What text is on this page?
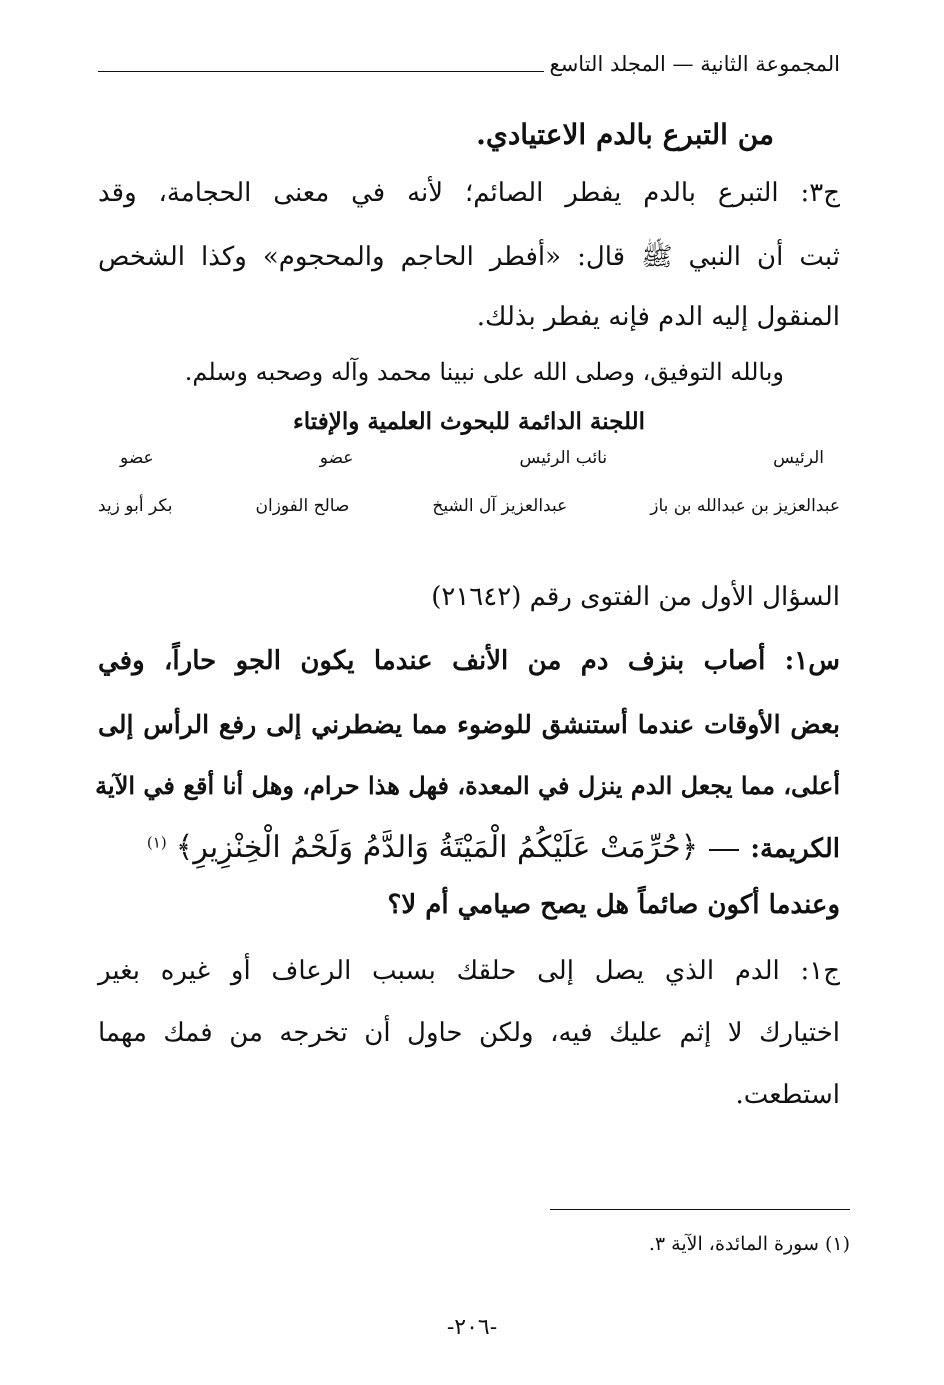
المجموعة الثانية — المجلد التاسع
من التبرع بالدم الاعتيادي.
ج٣: التبرع بالدم يفطر الصائم؛ لأنه في معنى الحجامة، وقد
ثبت أن النبي ﷺ قال: «أفطر الحاجم والمحجوم» وكذا الشخص
المنقول إليه الدم فإنه يفطر بذلك.
وبالله التوفيق، وصلى الله على نبينا محمد وآله وصحبه وسلم.
اللجنة الدائمة للبحوث العلمية والإفتاء
الرئيس
نائب الرئيس
عضو
عضو
عبدالعزيز بن عبدالله بن باز
عبدالعزيز آل الشيخ
صالح الفوزان
بكر أبو زيد
السؤال الأول من الفتوى رقم (٢١٦٤٢)
س١: أصاب بنزف دم من الأنف عندما يكون الجو حاراً، وفي
بعض الأوقات عندما أستنشق للوضوء مما يضطرني إلى رفع الرأس إلى
أعلى، مما يجعل الدم ينزل في المعدة، فهل هذا حرام، وهل أنا أقع في الآية
الكريمة:  ﴿حُرِّمَتْ عَلَيْكُمُ الْمَيْتَةُ وَالدَّمُ وَلَحْمُ الْخِنْزِيرِ﴾ $^{(١)}$
وعندما أكون صائماً هل يصح صيامي أم لا؟
ج١: الدم الذي يصل إلى حلقك بسبب الرعاف أو غيره بغير
اختيارك لا إثم عليك فيه، ولكن حاول أن تخرجه من فمك مهما
استطعت.
(١) سورة المائدة، الآية ٣.
-٢٠٦-
